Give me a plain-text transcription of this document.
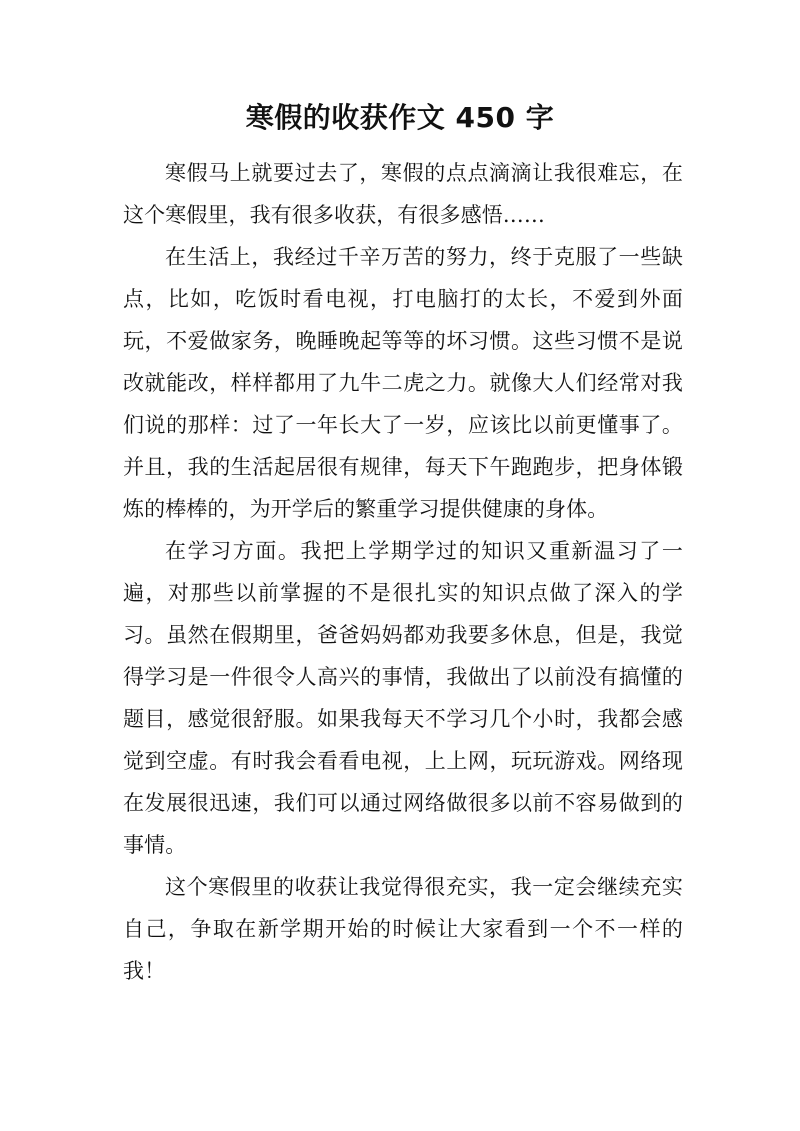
寒假的收获作文 450 字

寒假马上就要过去了，寒假的点点滴滴让我很难忘，在这个寒假里，我有很多收获，有很多感悟……

在生活上，我经过千辛万苦的努力，终于克服了一些缺点，比如，吃饭时看电视，打电脑打的太长，不爱到外面玩，不爱做家务，晚睡晚起等等的坏习惯。这些习惯不是说改就能改，样样都用了九牛二虎之力。就像大人们经常对我们说的那样：过了一年长大了一岁，应该比以前更懂事了。并且，我的生活起居很有规律，每天下午跑跑步，把身体锻炼的棒棒的，为开学后的繁重学习提供健康的身体。

在学习方面。我把上学期学过的知识又重新温习了一遍，对那些以前掌握的不是很扎实的知识点做了深入的学习。虽然在假期里，爸爸妈妈都劝我要多休息，但是，我觉得学习是一件很令人高兴的事情，我做出了以前没有搞懂的题目，感觉很舒服。如果我每天不学习几个小时，我都会感觉到空虚。有时我会看看电视，上上网，玩玩游戏。网络现在发展很迅速，我们可以通过网络做很多以前不容易做到的事情。

这个寒假里的收获让我觉得很充实，我一定会继续充实自己，争取在新学期开始的时候让大家看到一个不一样的我！
